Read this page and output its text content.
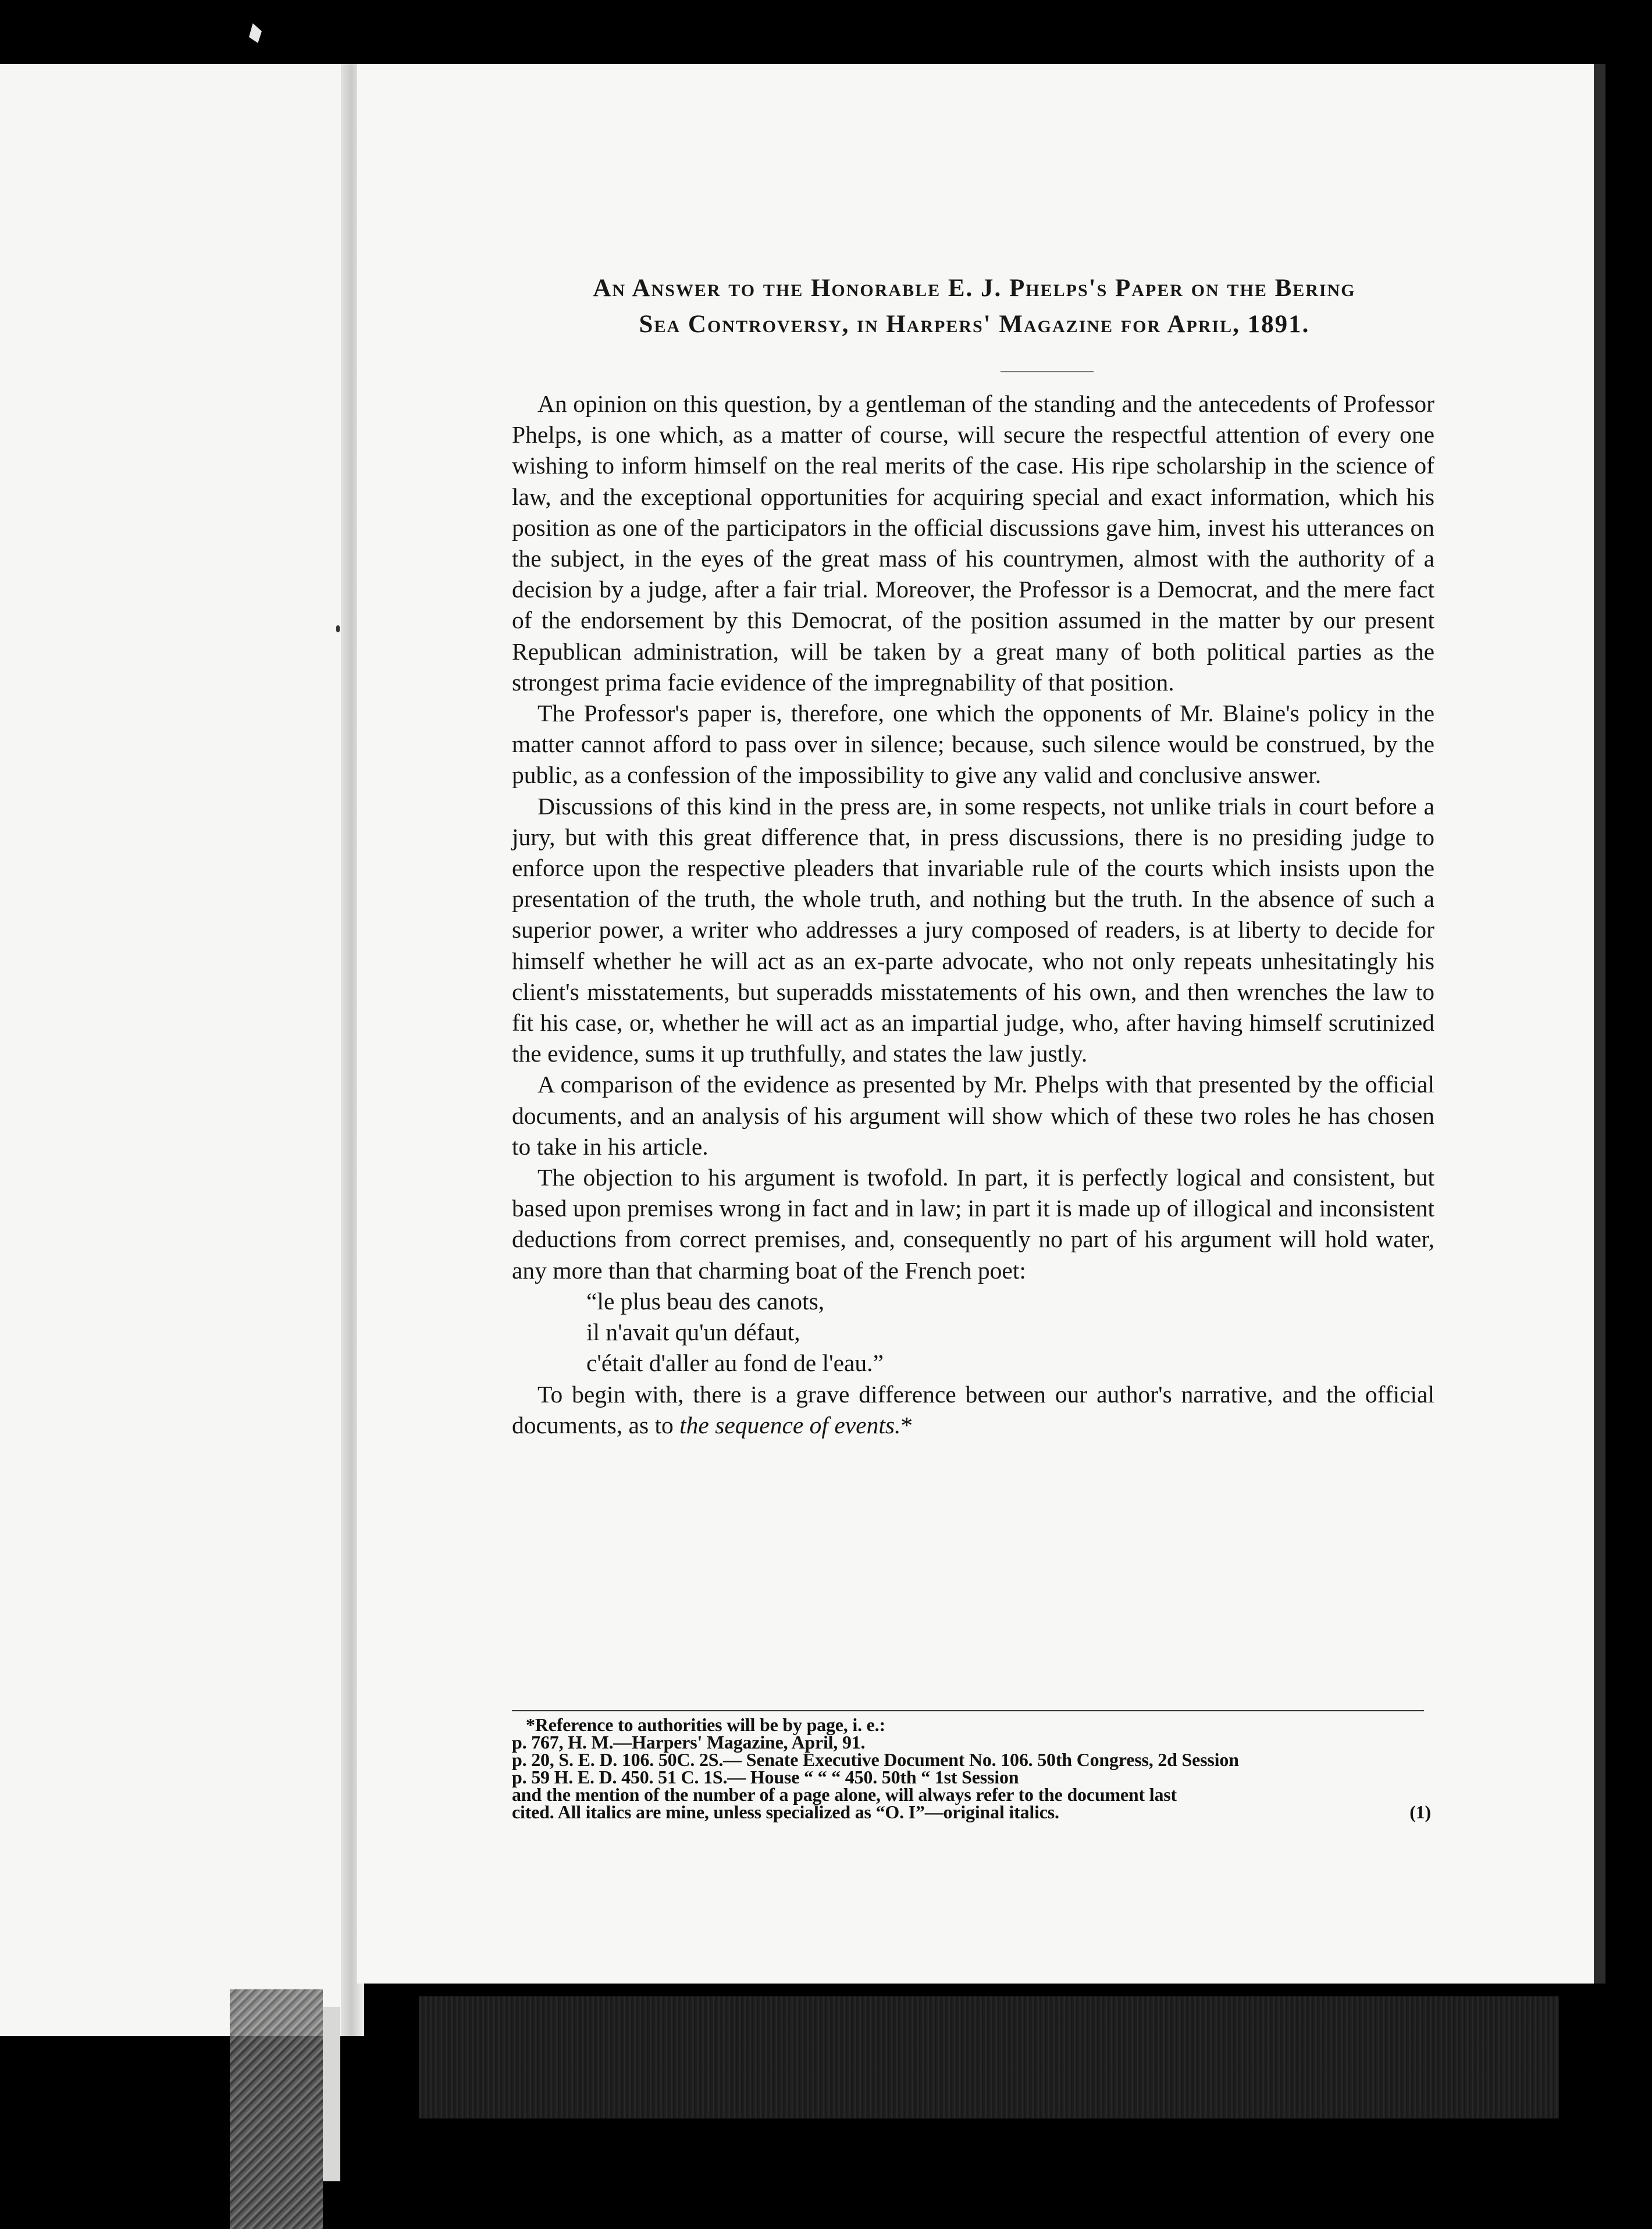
An Answer to the Honorable E. J. Phelps's Paper on the Bering
Sea Controversy, in Harpers' Magazine for April, 1891.

An opinion on this question, by a gentleman of the standing and the antecedents of Professor Phelps, is one which, as a matter of course, will secure the respectful attention of every one wishing to inform himself on the real merits of the case. His ripe scholarship in the science of law, and the exceptional opportunities for acquiring special and exact information, which his position as one of the participators in the official discussions gave him, invest his utterances on the subject, in the eyes of the great mass of his countrymen, almost with the authority of a decision by a judge, after a fair trial. Moreover, the Professor is a Democrat, and the mere fact of the endorsement by this Democrat, of the position assumed in the matter by our present Republican administration, will be taken by a great many of both political parties as the strongest prima facie evidence of the impregnability of that position.

The Professor's paper is, therefore, one which the opponents of Mr. Blaine's policy in the matter cannot afford to pass over in silence; because, such silence would be construed, by the public, as a confession of the impossibility to give any valid and conclusive answer.

Discussions of this kind in the press are, in some respects, not unlike trials in court before a jury, but with this great difference that, in press discussions, there is no presiding judge to enforce upon the respective pleaders that invariable rule of the courts which insists upon the presentation of the truth, the whole truth, and nothing but the truth. In the absence of such a superior power, a writer who addresses a jury composed of readers, is at liberty to decide for himself whether he will act as an ex-parte advocate, who not only repeats unhesitatingly his client's misstatements, but superadds misstatements of his own, and then wrenches the law to fit his case, or, whether he will act as an impartial judge, who, after having himself scrutinized the evidence, sums it up truthfully, and states the law justly.

A comparison of the evidence as presented by Mr. Phelps with that presented by the official documents, and an analysis of his argument will show which of these two roles he has chosen to take in his article.

The objection to his argument is twofold. In part, it is perfectly logical and consistent, but based upon premises wrong in fact and in law; in part it is made up of illogical and inconsistent deductions from correct premises, and, consequently no part of his argument will hold water, any more than that charming boat of the French poet:

“le plus beau des canots,
il n'avait qu'un défaut,
c'était d'aller au fond de l'eau.”

To begin with, there is a grave difference between our author's narrative, and the official documents, as to the sequence of events.*

*Reference to authorities will be by page, i. e.:
p. 767, H. M.—Harpers' Magazine, April, 91.
p. 20, S. E. D. 106. 50C. 2S.— Senate Executive Document No. 106. 50th Congress, 2d Session
p. 59 H. E. D. 450. 51 C. 1S.— House “ “ “ 450. 50th “ 1st Session
and the mention of the number of a page alone, will always refer to the document last
cited. All italics are mine, unless specialized as “O. I”—original italics.	(1)
